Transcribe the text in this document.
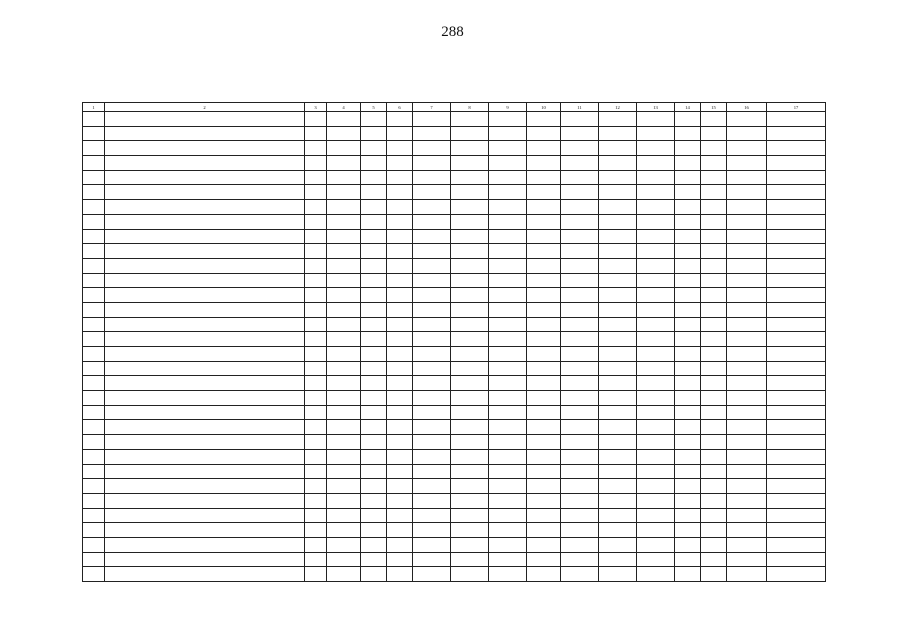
288
1	2	3	4	5	6	7	8	9	10	11	12	13	14	15	16	17
